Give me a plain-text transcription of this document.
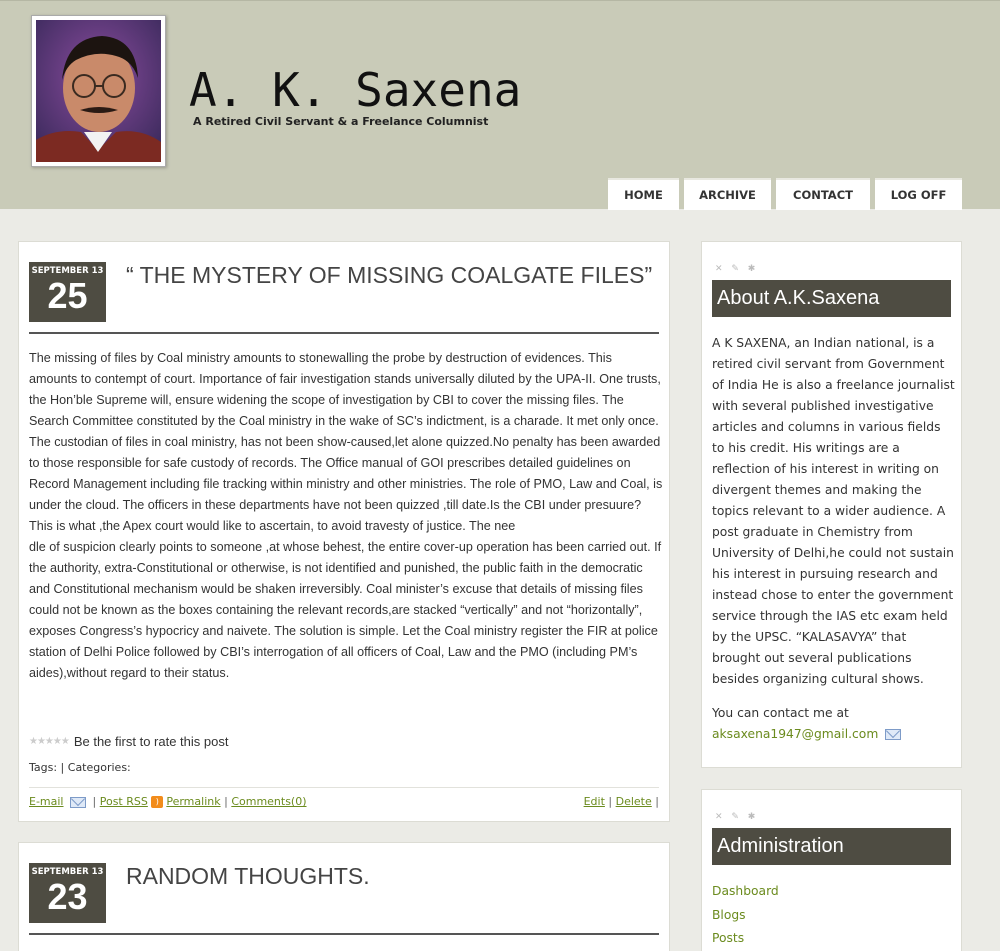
A. K. Saxena
A Retired Civil Servant & a Freelance Columnist
HOME	ARCHIVE	CONTACT	LOG OFF
SEPTEMBER 13
25	“ THE MYSTERY OF MISSING COALGATE FILES”
The missing of files by Coal ministry amounts to stonewalling the probe by destruction of evidences. This amounts to contempt of court. Importance of fair investigation stands universally diluted by the UPA-II. One trusts, the Hon’ble Supreme will, ensure widening the scope of investigation by CBI to cover the missing files. The Search Committee constituted by the Coal ministry in the wake of SC’s indictment, is a charade. It met only once. The custodian of files in coal ministry, has not been show-caused,let alone quizzed.No penalty has been awarded to those responsible for safe custody of records. The Office manual of GOI prescribes detailed guidelines on Record Management including file tracking within ministry and other ministries. The role of PMO, Law and Coal, is under the cloud. The officers in these departments have not been quizzed ,till date.Is the CBI under presuure?This is what ,the Apex court would like to ascertain, to avoid travesty of justice. The nee
dle of suspicion clearly points to someone ,at whose behest, the entire cover-up operation has been carried out. If the authority, extra-Constitutional or otherwise, is not identified and punished, the public faith in the democratic and Constitutional mechanism would be shaken irreversibly. Coal minister’s excuse that details of missing files could not be known as the boxes containing the relevant records,are stacked “vertically” and not “horizontally”, exposes Congress’s hypocricy and naivete. The solution is simple. Let the Coal ministry register the FIR at police station of Delhi Police followed by CBI’s interrogation of all officers of Coal, Law and the PMO (including PM’s aides),without regard to their status.
★★★★★ Be the first to rate this post
Tags: | Categories:
E-mail	| Post RSS ) Permalink | Comments(0)	Edit | Delete |
SEPTEMBER 13
23	RANDOM THOUGHTS.
✕ ✎ ✱
About A.K.Saxena
A K SAXENA, an Indian national, is a retired civil servant from Government of India He is also a freelance journalist with several published investigative articles and columns in various fields to his credit. His writings are a reflection of his interest in writing on divergent themes and making the topics relevant to a wider audience. A post graduate in Chemistry from University of Delhi,he could not sustain his interest in pursuing research and instead chose to enter the government service through the IAS etc exam held by the UPSC. “KALASAVYA” that brought out several publications besides organizing cultural shows.
You can contact me at
aksaxena1947@gmail.com
✕ ✎ ✱
Administration
Dashboard
Blogs
Posts
